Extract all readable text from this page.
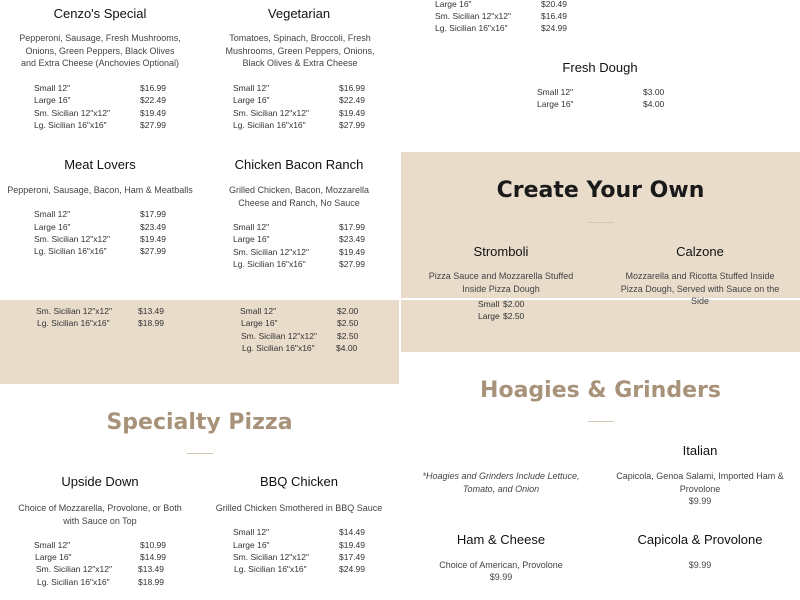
Cenzo's Special
Pepperoni, Sausage, Fresh Mushrooms, Onions, Green Peppers, Black Olives and Extra Cheese (Anchovies Optional)
Small 12"	$16.99
Large 16"	$22.49
Sm. Sicilian 12"x12"	$19.49
Lg. Sicilian 16"x16"	$27.99
Vegetarian
Tomatoes, Spinach, Broccoli, Fresh Mushrooms, Green Peppers, Onions, Black Olives & Extra Cheese
Small 12"	$16.99
Large 16"	$22.49
Sm. Sicilian 12"x12"	$19.49
Lg. Sicilian 16"x16"	$27.99
Large 16"	$20.49
Sm. Sicilian 12"x12"	$16.49
Lg. Sicilian 16"x16"	$24.99
Fresh Dough
Small 12"	$3.00
Large 16"	$4.00
Meat Lovers
Pepperoni, Sausage, Bacon, Ham & Meatballs
Small 12"	$17.99
Large 16"	$23.49
Sm. Sicilian 12"x12"	$19.49
Lg. Sicilian 16"x16"	$27.99
Chicken Bacon Ranch
Grilled Chicken, Bacon, Mozzarella Cheese and Ranch, No Sauce
Small 12"	$17.99
Large 16"	$23.49
Sm. Sicilian 12"x12"	$19.49
Lg. Sicilian 16"x16"	$27.99
Create Your Own
Stromboli
Pizza Sauce and Mozzarella Stuffed Inside Pizza Dough
Small $2.00
Large $2.50
Calzone
Mozzarella and Ricotta Stuffed Inside Pizza Dough, Served with Sauce on the Side
Sm. Sicilian 12"x12"	$13.49
Lg. Sicilian 16"x16"	$18.99
Small 12"	$2.00
Large 16"	$2.50
Sm. Sicilian 12"x12" $2.50
Lg. Sicilian 16"x16"	$4.00
Specialty Pizza
Upside Down
Choice of Mozzarella, Provolone, or Both with Sauce on Top
Small 12"	$10.99
Large 16"	$14.99
Sm. Sicilian 12"x12"	$13.49
Lg. Sicilian 16"x16"	$18.99
BBQ Chicken
Grilled Chicken Smothered in BBQ Sauce
Small 12"	$14.49
Large 16"	$19.49
Sm. Sicilian 12"x12"	$17.49
Lg. Sicilian 16"x16"	$24.99
Hoagies & Grinders
*Hoagies and Grinders Include Lettuce, Tomato, and Onion
Italian
Capicola, Genoa Salami, Imported Ham & Provolone
$9.99
Ham & Cheese
Choice of American, Provolone
$9.99
Capicola & Provolone
$9.99
